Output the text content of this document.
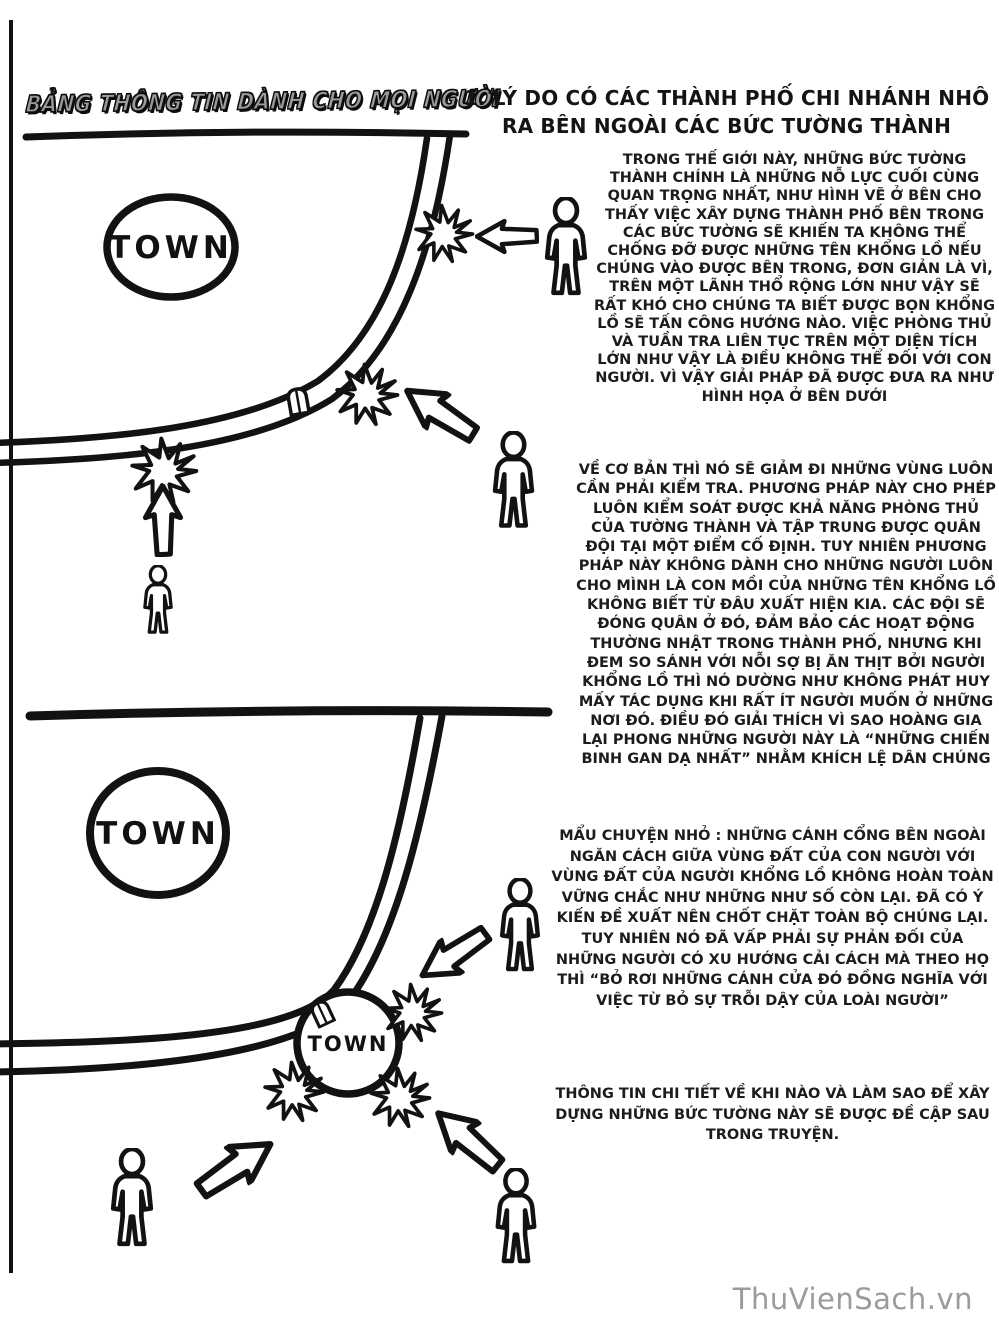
BẢNG THÔNG TIN DÀNH CHO MỌI NGƯỜI
1. LÝ DO CÓ CÁC THÀNH PHỐ CHI NHÁNH NHÔ RA BÊN NGOÀI CÁC BỨC TƯỜNG THÀNH
TRONG THẾ GIỚI NÀY, NHỮNG BỨC TƯỜNG THÀNH CHÍNH LÀ NHỮNG NỖ LỰC CUỐI CÙNG QUAN TRỌNG NHẤT, NHƯ HÌNH VẼ Ở BÊN CHO THẤY VIỆC XÂY DỰNG THÀNH PHỐ BÊN TRONG CÁC BỨC TƯỜNG SẼ KHIẾN TA KHÔNG THỂ CHỐNG ĐỠ ĐƯỢC NHỮNG TÊN KHỔNG LỒ NẾU CHÚNG VÀO ĐƯỢC BÊN TRONG, ĐƠN GIẢN LÀ VÌ, TRÊN MỘT LÃNH THỔ RỘNG LỚN NHƯ VẬY SẼ RẤT KHÓ CHO CHÚNG TA BIẾT ĐƯỢC BỌN KHỔNG LỒ SẼ TẤN CÔNG HƯỚNG NÀO. VIỆC PHÒNG THỦ VÀ TUẦN TRA LIÊN TỤC TRÊN MỘT DIỆN TÍCH LỚN NHƯ VẬY LÀ ĐIỀU KHÔNG THỂ ĐỐI VỚI CON NGƯỜI. VÌ VẬY GIẢI PHÁP ĐÃ ĐƯỢC ĐƯA RA NHƯ HÌNH HỌA Ở BÊN DƯỚI
VỀ CƠ BẢN THÌ NÓ SẼ GIẢM ĐI NHỮNG VÙNG LUÔN CẦN PHẢI KIỂM TRA. PHƯƠNG PHÁP NÀY CHO PHÉP LUÔN KIỂM SOÁT ĐƯỢC KHẢ NĂNG PHÒNG THỦ CỦA TƯỜNG THÀNH VÀ TẬP TRUNG ĐƯỢC QUÂN ĐỘI TẠI MỘT ĐIỂM CỐ ĐỊNH. TUY NHIÊN PHƯƠNG PHÁP NÀY KHÔNG DÀNH CHO NHỮNG NGƯỜI LUÔN CHO MÌNH LÀ CON MỒI CỦA NHỮNG TÊN KHỔNG LỒ KHÔNG BIẾT TỪ ĐÂU XUẤT HIỆN KIA. CÁC ĐỘI SẼ ĐÓNG QUÂN Ở ĐÓ, ĐẢM BẢO CÁC HOẠT ĐỘNG THƯỜNG NHẬT TRONG THÀNH PHỐ, NHƯNG KHI ĐEM SO SÁNH VỚI NỖI SỢ BỊ ĂN THỊT BỞI NGƯỜI KHỔNG LỒ THÌ NÓ DƯỜNG NHƯ KHÔNG PHÁT HUY MẤY TÁC DỤNG KHI RẤT ÍT NGƯỜI MUỐN Ở NHỮNG NƠI ĐÓ. ĐIỀU ĐÓ GIẢI THÍCH VÌ SAO HOÀNG GIA LẠI PHONG NHỮNG NGƯỜI NÀY LÀ “NHỮNG CHIẾN BINH GAN DẠ NHẤT” NHẰM KHÍCH LỆ DÂN CHÚNG
MẨU CHUYỆN NHỎ : NHỮNG CÁNH CỔNG BÊN NGOÀI NGĂN CÁCH GIỮA VÙNG ĐẤT CỦA CON NGƯỜI VỚI VÙNG ĐẤT CỦA NGƯỜI KHỔNG LỒ KHÔNG HOÀN TOÀN VỮNG CHẮC NHƯ NHỮNG NHƯ SỐ CÒN LẠI. ĐÃ CÓ Ý KIẾN ĐỀ XUẤT NÊN CHỐT CHẶT TOÀN BỘ CHÚNG LẠI. TUY NHIÊN NÓ ĐÃ VẤP PHẢI SỰ PHẢN ĐỐI CỦA NHỮNG NGƯỜI CÓ XU HƯỚNG CẢI CÁCH MÀ THEO HỌ THÌ “BỎ RƠI NHỮNG CÁNH CỬA ĐÓ ĐỒNG NGHĨA VỚI VIỆC TỪ BỎ SỰ TRỖI DẬY CỦA LOÀI NGƯỜI”
THÔNG TIN CHI TIẾT VỀ KHI NÀO VÀ LÀM SAO ĐỂ XÂY DỰNG NHỮNG BỨC TƯỜNG NÀY SẼ ĐƯỢC ĐỀ CẬP SAU TRONG TRUYỆN.
TOWN
TOWN
TOWN
ThuVienSach.vn
